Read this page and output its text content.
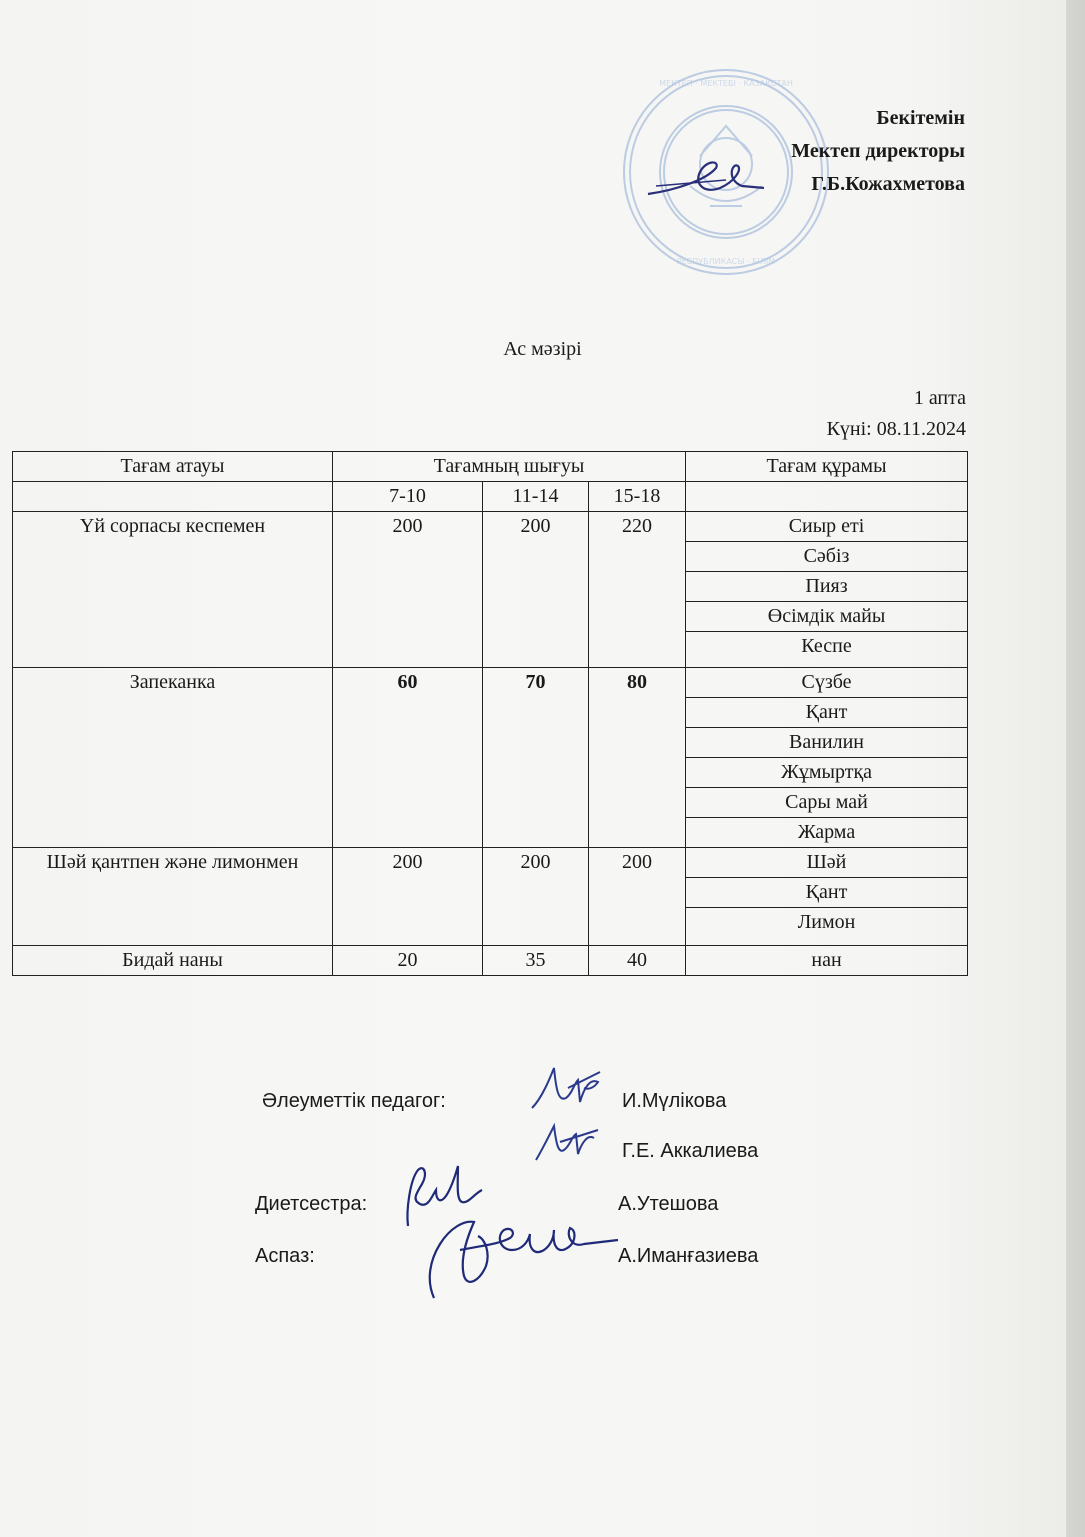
МЕКТЕП · МЕКТЕБІ · КАЗАҚСТАН
РЕСПУБЛИКАСЫ · БІЛІМ
Бекітемін
Мектеп директоры
Г.Б.Кожахметова
Ас мәзірі
1 апта
Күні: 08.11.2024
Тағам атауы	Тағамның шығуы			Тағам құрамы
	7-10	11-14	15-18	
Үй сорпасы кеспемен	200	200	220	Сиыр еті
				Сәбіз
				Пияз
				Өсімдік майы
				Кеспе
Запеканка	60	70	80	Сүзбе
				Қант
				Ванилин
				Жұмыртқа
				Сары май
				Жарма
Шәй қантпен және лимонмен	200	200	200	Шәй
				Қант
				Лимон
Бидай наны	20	35	40	нан
Әлеуметтік педагог:	И.Мүлікова
Г.Е. Аккалиева
Диетсестра:	А.Утешова
Аспаз:	А.Иманғазиева
